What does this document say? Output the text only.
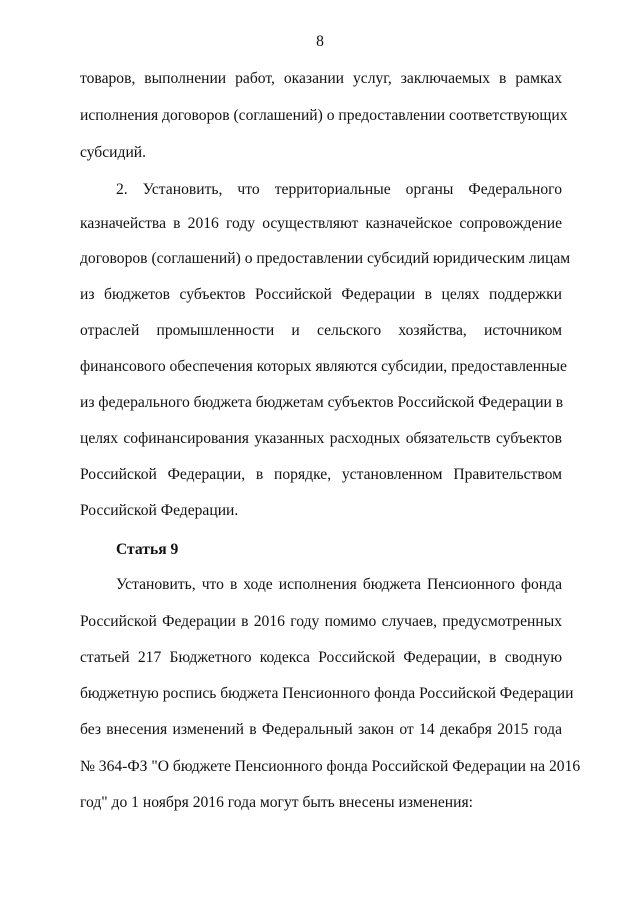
8
товаров, выполнении работ, оказании услуг, заключаемых в рамках
исполнения договоров (соглашений) о предоставлении соответствующих
субсидий.
2. Установить, что территориальные органы Федерального
казначейства в 2016 году осуществляют казначейское сопровождение
договоров (соглашений) о предоставлении субсидий юридическим лицам
из бюджетов субъектов Российской Федерации в целях поддержки
отраслей промышленности и сельского хозяйства, источником
финансового обеспечения которых являются субсидии, предоставленные
из федерального бюджета бюджетам субъектов Российской Федерации в
целях софинансирования указанных расходных обязательств субъектов
Российской Федерации, в порядке, установленном Правительством
Российской Федерации.
Статья 9
Установить, что в ходе исполнения бюджета Пенсионного фонда
Российской Федерации в 2016 году помимо случаев, предусмотренных
статьей 217 Бюджетного кодекса Российской Федерации, в сводную
бюджетную роспись бюджета Пенсионного фонда Российской Федерации
без внесения изменений в Федеральный закон от 14 декабря 2015 года
№ 364-ФЗ "О бюджете Пенсионного фонда Российской Федерации на 2016
год" до 1 ноября 2016 года могут быть внесены изменения:
